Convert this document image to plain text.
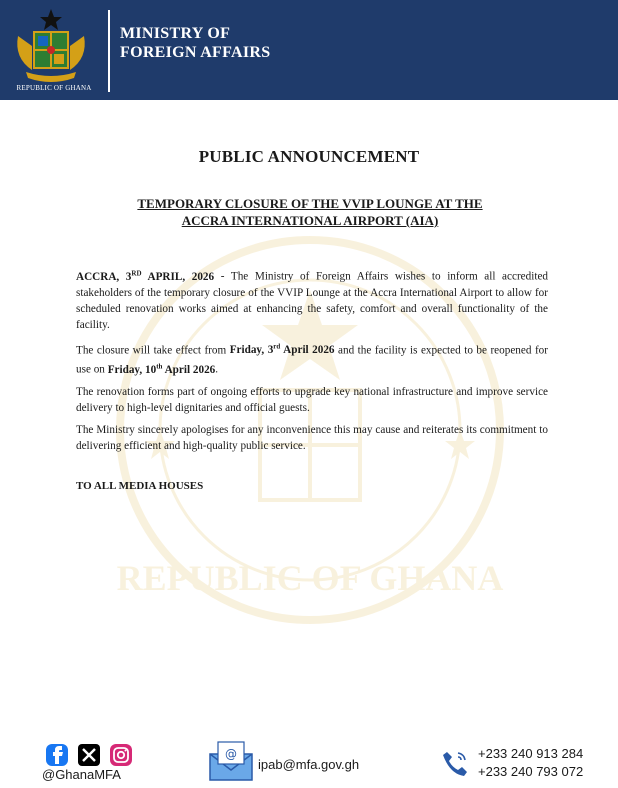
REPUBLIC OF GHANA
MINISTRY OF
FOREIGN AFFAIRS
REPUBLIC OF GHANA
PUBLIC ANNOUNCEMENT
TEMPORARY CLOSURE OF THE VVIP LOUNGE AT THE
ACCRA INTERNATIONAL AIRPORT (AIA)

ACCRA, 3RD APRIL, 2026 - The Ministry of Foreign Affairs wishes to inform all accredited stakeholders of the temporary closure of the VVIP Lounge at the Accra International Airport to allow for scheduled renovation works aimed at enhancing the safety, comfort and overall functionality of the facility.

The closure will take effect from Friday, 3rd April 2026 and the facility is expected to be reopened for use on Friday, 10th April 2026.

The renovation forms part of ongoing efforts to upgrade key national infrastructure and improve service delivery to high-level dignitaries and official guests.

The Ministry sincerely apologises for any inconvenience this may cause and reiterates its commitment to delivering efficient and high-quality public service.

TO ALL MEDIA HOUSES
@GhanaMFA
@
ipab@mfa.gov.gh
+233 240 913 284
+233 240 793 072
